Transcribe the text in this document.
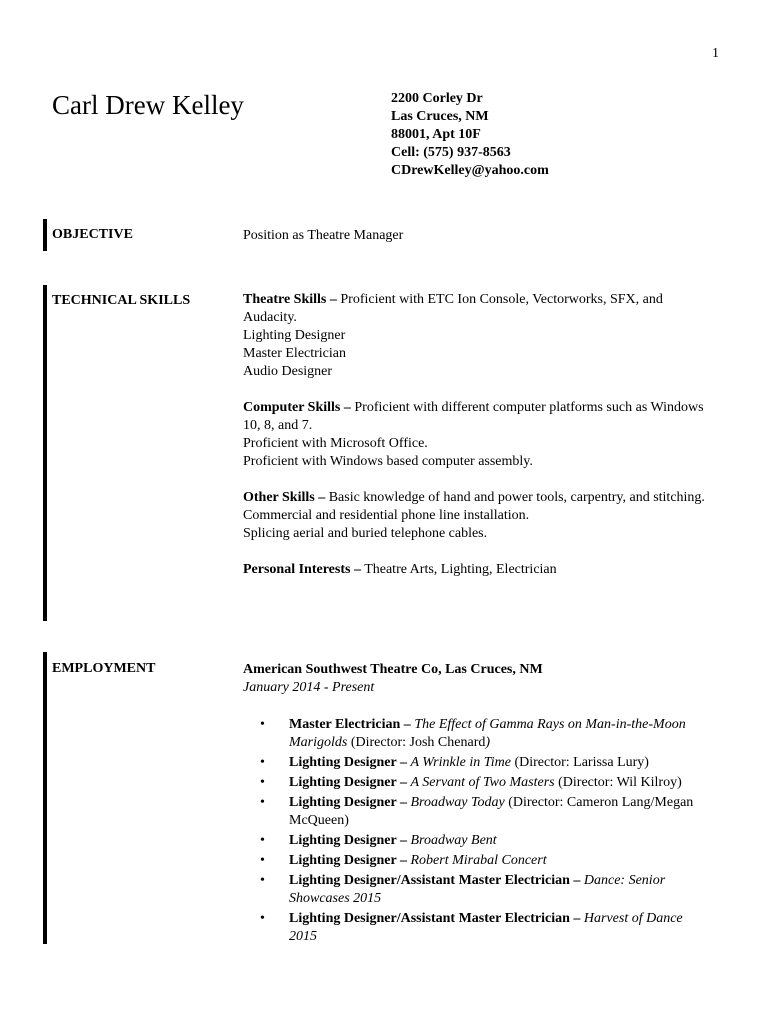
1
Carl Drew Kelley	2200 Corley Dr
Las Cruces, NM
88001, Apt 10F
Cell: (575) 937-8563
CDrewKelley@yahoo.com
OBJECTIVE	Position as Theatre Manager
TECHNICAL SKILLS	Theatre Skills – Proficient with ETC Ion Console, Vectorworks, SFX, and Audacity.

Lighting Designer

Master Electrician

Audio Designer

Computer Skills – Proficient with different computer platforms such as Windows 10, 8, and 7.

Proficient with Microsoft Office.

Proficient with Windows based computer assembly.

Other Skills – Basic knowledge of hand and power tools, carpentry, and stitching.

Commercial and residential phone line installation.

Splicing aerial and buried telephone cables.

Personal Interests – Theatre Arts, Lighting, Electrician

EMPLOYMENT	American Southwest Theatre Co, Las Cruces, NM

January 2014 - Present

• Master Electrician – The Effect of Gamma Rays on Man-in-the-Moon Marigolds (Director: Josh Chenard)
• Lighting Designer – A Wrinkle in Time (Director: Larissa Lury)
• Lighting Designer – A Servant of Two Masters (Director: Wil Kilroy)
• Lighting Designer – Broadway Today (Director: Cameron Lang/Megan McQueen)
• Lighting Designer – Broadway Bent
• Lighting Designer – Robert Mirabal Concert
• Lighting Designer/Assistant Master Electrician – Dance: Senior Showcases 2015
• Lighting Designer/Assistant Master Electrician – Harvest of Dance 2015
